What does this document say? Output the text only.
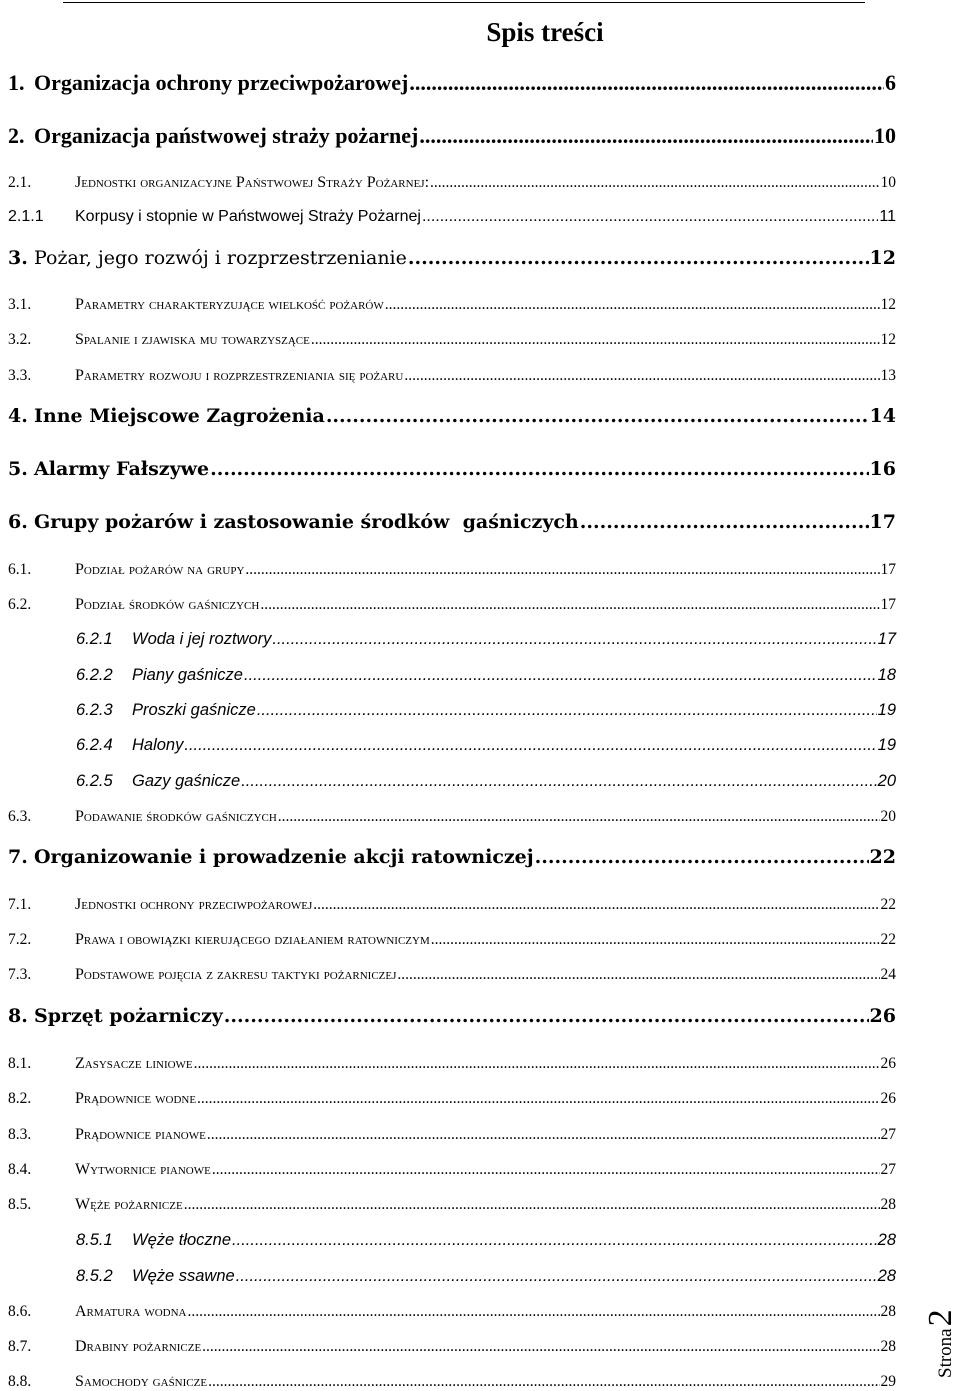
Spis treści
1. Organizacja ochrony przeciwpożarowej .....	6
2. Organizacja państwowej straży pożarnej .....	10
2.1.	Jednostki organizacyjne Państwowej Straży Pożarnej: .....	10
2.1.1	Korpusy i stopnie w Państwowej Straży Pożarnej .....	11
3. Pożar, jego rozwój i rozprzestrzenianie .....	12
3.1.	Parametry charakteryzujące wielkość pożarów .....	12
3.2.	Spalanie i zjawiska mu towarzyszące .....	12
3.3.	Parametry rozwoju i rozprzestrzeniania się pożaru .....	13
4. Inne Miejscowe Zagrożenia .....	14
5. Alarmy Fałszywe .....	16
6. Grupy pożarów i zastosowanie środków  gaśniczych .....	17
6.1.	Podział pożarów na grupy .....	17
6.2.	Podział środków gaśniczych .....	17
6.2.1	Woda i jej roztwory .....	17
6.2.2	Piany gaśnicze .....	18
6.2.3	Proszki gaśnicze .....	19
6.2.4	Halony .....	19
6.2.5	Gazy gaśnicze .....	20
6.3.	Podawanie środków gaśniczych .....	20
7. Organizowanie i prowadzenie akcji ratowniczej .....	22
7.1.	Jednostki ochrony przeciwpożarowej .....	22
7.2.	Prawa i obowiązki kierującego działaniem ratowniczym .....	22
7.3.	Podstawowe pojęcia z zakresu taktyki pożarniczej .....	24
8. Sprzęt pożarniczy .....	26
8.1.	Zasysacze liniowe .....	26
8.2.	Prądownice wodne .....	26
8.3.	Prądownice pianowe .....	27
8.4.	Wytwornice pianowe .....	27
8.5.	Węże pożarnicze .....	28
8.5.1	Węże tłoczne .....	28
8.5.2	Węże ssawne .....	28
8.6.	Armatura wodna .....	28
8.7.	Drabiny pożarnicze .....	28
8.8.	Samochody gaśnicze .....	29
Strona2
